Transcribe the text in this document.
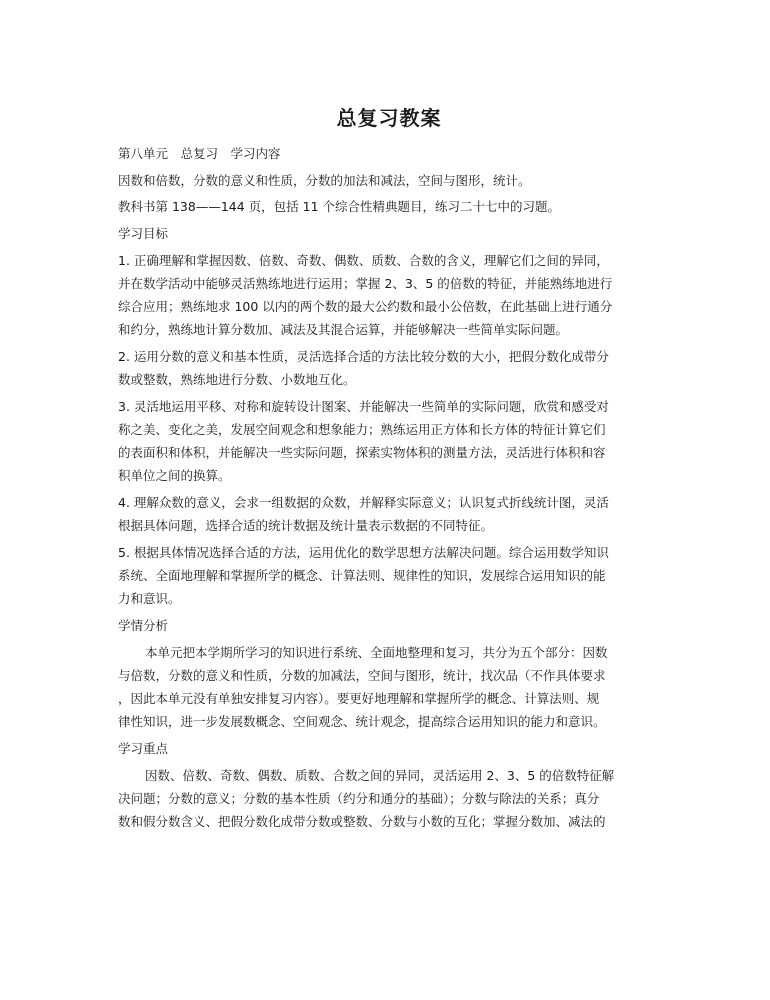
总复习教案
第八单元　总复习　学习内容
因数和倍数，分数的意义和性质，分数的加法和减法，空间与图形，统计。
教科书第 138——144 页，包括 11 个综合性精典题目，练习二十七中的习题。
学习目标
1. 正确理解和掌握因数、倍数、奇数、偶数、质数、合数的含义，理解它们之间的异同，
并在数学活动中能够灵活熟练地进行运用；掌握 2、3、5 的倍数的特征，并能熟练地进行
综合应用；熟练地求 100 以内的两个数的最大公约数和最小公倍数，在此基础上进行通分
和约分，熟练地计算分数加、减法及其混合运算，并能够解决一些简单实际问题。
2. 运用分数的意义和基本性质，灵活选择合适的方法比较分数的大小，把假分数化成带分
数或整数，熟练地进行分数、小数地互化。
3. 灵活地运用平移、对称和旋转设计图案、并能解决一些简单的实际问题，欣赏和感受对
称之美、变化之美，发展空间观念和想象能力；熟练运用正方体和长方体的特征计算它们
的表面积和体积，并能解决一些实际问题，探索实物体积的测量方法，灵活进行体积和容
积单位之间的换算。
4. 理解众数的意义，会求一组数据的众数，并解释实际意义；认识复式折线统计图，灵活
根据具体问题，选择合适的统计数据及统计量表示数据的不同特征。
5. 根据具体情况选择合适的方法，运用优化的数学思想方法解决问题。综合运用数学知识
系统、全面地理解和掌握所学的概念、计算法则、规律性的知识，发展综合运用知识的能
力和意识。
学情分析
本单元把本学期所学习的知识进行系统、全面地整理和复习，共分为五个部分：因数
与倍数，分数的意义和性质，分数的加减法，空间与图形，统计，找次品（不作具体要求
，因此本单元没有单独安排复习内容）。要更好地理解和掌握所学的概念、计算法则、规
律性知识，进一步发展数概念、空间观念、统计观念，提高综合运用知识的能力和意识。
学习重点
因数、倍数、奇数、偶数、质数、合数之间的异同，灵活运用 2、3、5 的倍数特征解
决问题；分数的意义；分数的基本性质（约分和通分的基础）；分数与除法的关系；真分
数和假分数含义、把假分数化成带分数或整数、分数与小数的互化；掌握分数加、减法的
